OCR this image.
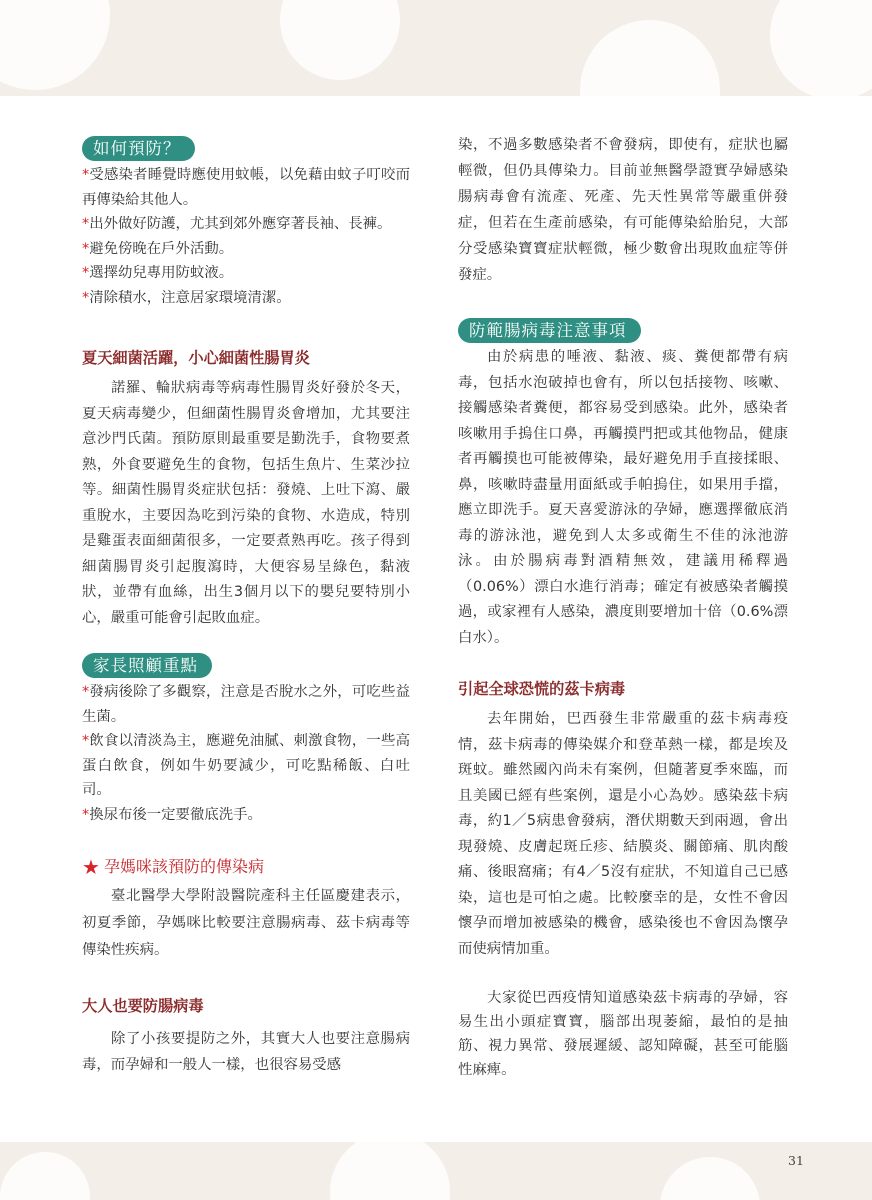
如何預防？

*受感染者睡覺時應使用蚊帳，以免藉由蚊子叮咬而再傳染給其他人。

*出外做好防護，尤其到郊外應穿著長袖、長褲。

*避免傍晚在戶外活動。

*選擇幼兒專用防蚊液。

*清除積水，注意居家環境清潔。

夏天細菌活躍，小心細菌性腸胃炎

諾羅、輪狀病毒等病毒性腸胃炎好發於冬天，夏天病毒變少，但細菌性腸胃炎會增加，尤其要注意沙門氏菌。預防原則最重要是勤洗手，食物要煮熟，外食要避免生的食物，包括生魚片、生菜沙拉等。細菌性腸胃炎症狀包括：發燒、上吐下瀉、嚴重脫水，主要因為吃到污染的食物、水造成，特別是雞蛋表面細菌很多，一定要煮熟再吃。孩子得到細菌腸胃炎引起腹瀉時，大便容易呈綠色，黏液狀，並帶有血絲，出生3個月以下的嬰兒要特別小心，嚴重可能會引起敗血症。

家長照顧重點

*發病後除了多觀察，注意是否脫水之外，可吃些益生菌。

*飲食以清淡為主，應避免油膩、刺激食物，一些高蛋白飲食，例如牛奶要減少，可吃點稀飯、白吐司。

*換尿布後一定要徹底洗手。

★ 孕媽咪該預防的傳染病

臺北醫學大學附設醫院產科主任區慶建表示，初夏季節，孕媽咪比較要注意腸病毒、茲卡病毒等傳染性疾病。

大人也要防腸病毒

除了小孩要提防之外，其實大人也要注意腸病毒，而孕婦和一般人一樣，也很容易受感

染，不過多數感染者不會發病，即使有，症狀也屬輕微，但仍具傳染力。目前並無醫學證實孕婦感染腸病毒會有流產、死產、先天性異常等嚴重併發症，但若在生產前感染，有可能傳染給胎兒，大部分受感染寶寶症狀輕微，極少數會出現敗血症等併發症。

防範腸病毒注意事項

由於病患的唾液、黏液、痰、糞便都帶有病毒，包括水泡破掉也會有，所以包括接物、咳嗽、接觸感染者糞便，都容易受到感染。此外，感染者咳嗽用手摀住口鼻，再觸摸門把或其他物品，健康者再觸摸也可能被傳染，最好避免用手直接揉眼、鼻，咳嗽時盡量用面紙或手帕摀住，如果用手擋，應立即洗手。夏天喜愛游泳的孕婦，應選擇徹底消毒的游泳池，避免到人太多或衛生不佳的泳池游泳。由於腸病毒對酒精無效，建議用稀釋過（0.06%）漂白水進行消毒；確定有被感染者觸摸過，或家裡有人感染，濃度則要增加十倍（0.6%漂白水）。

引起全球恐慌的茲卡病毒

去年開始，巴西發生非常嚴重的茲卡病毒疫情，茲卡病毒的傳染媒介和登革熱一樣，都是埃及斑蚊。雖然國內尚未有案例，但隨著夏季來臨，而且美國已經有些案例，還是小心為妙。感染茲卡病毒，約1／5病患會發病，潛伏期數天到兩週，會出現發燒、皮膚起斑丘疹、結膜炎、關節痛、肌肉酸痛、後眼窩痛；有4／5沒有症狀，不知道自己已感染，這也是可怕之處。比較麼幸的是，女性不會因懷孕而增加被感染的機會，感染後也不會因為懷孕而使病情加重。

大家從巴西疫情知道感染茲卡病毒的孕婦，容易生出小頭症寶寶，腦部出現萎縮，最怕的是抽筋、視力異常、發展遲緩、認知障礙，甚至可能腦性麻痺。

31
